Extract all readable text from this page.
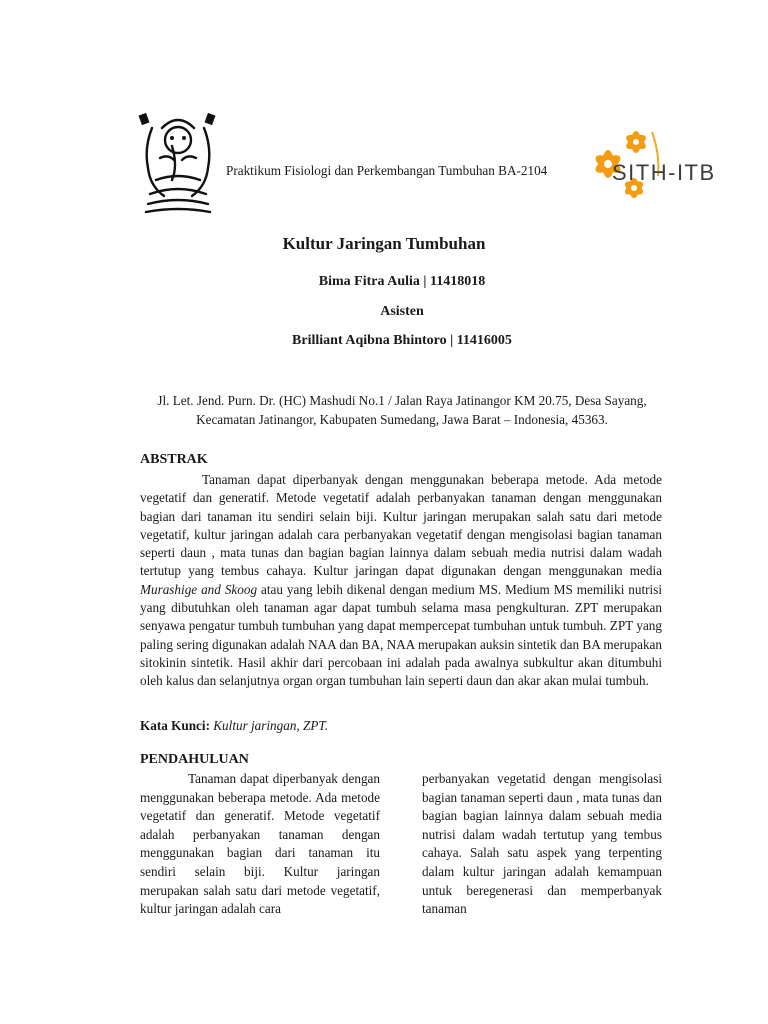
Praktikum Fisiologi dan Perkembangan Tumbuhan BA-2104	SITH-ITB
Kultur Jaringan Tumbuhan
Bima Fitra Aulia | 11418018
Asisten
Brilliant Aqibna Bhintoro | 11416005
Jl. Let. Jend. Purn. Dr. (HC) Mashudi No.1 / Jalan Raya Jatinangor KM 20.75, Desa Sayang, Kecamatan Jatinangor, Kabupaten Sumedang, Jawa Barat – Indonesia, 45363.
ABSTRAK

Tanaman dapat diperbanyak dengan menggunakan beberapa metode. Ada metode vegetatif dan generatif. Metode vegetatif adalah perbanyakan tanaman dengan menggunakan bagian dari tanaman itu sendiri selain biji. Kultur jaringan merupakan salah satu dari metode vegetatif, kultur jaringan adalah cara perbanyakan vegetatif dengan mengisolasi bagian tanaman seperti daun , mata tunas dan bagian bagian lainnya dalam sebuah media nutrisi dalam wadah tertutup yang tembus cahaya. Kultur jaringan dapat digunakan dengan menggunakan media Murashige and Skoog atau yang lebih dikenal dengan medium MS. Medium MS memiliki nutrisi yang dibutuhkan oleh tanaman agar dapat tumbuh selama masa pengkulturan. ZPT merupakan senyawa pengatur tumbuh tumbuhan yang dapat mempercepat tumbuhan untuk tumbuh. ZPT yang paling sering digunakan adalah NAA dan BA, NAA merupakan auksin sintetik dan BA merupakan sitokinin sintetik. Hasil akhir dari percobaan ini adalah pada awalnya subkultur akan ditumbuhi oleh kalus dan selanjutnya organ organ tumbuhan lain seperti daun dan akar akan mulai tumbuh.

Kata Kunci: Kultur jaringan, ZPT.
PENDAHULUAN

Tanaman dapat diperbanyak dengan menggunakan beberapa metode. Ada metode vegetatif dan generatif. Metode vegetatif adalah perbanyakan tanaman dengan menggunakan bagian dari tanaman itu sendiri selain biji. Kultur jaringan merupakan salah satu dari metode vegetatif, kultur jaringan adalah cara

perbanyakan vegetatid dengan mengisolasi bagian tanaman seperti daun , mata tunas dan bagian bagian lainnya dalam sebuah media nutrisi dalam wadah tertutup yang tembus cahaya. Salah satu aspek yang terpenting dalam kultur jaringan adalah kemampuan untuk beregenerasi dan memperbanyak tanaman
